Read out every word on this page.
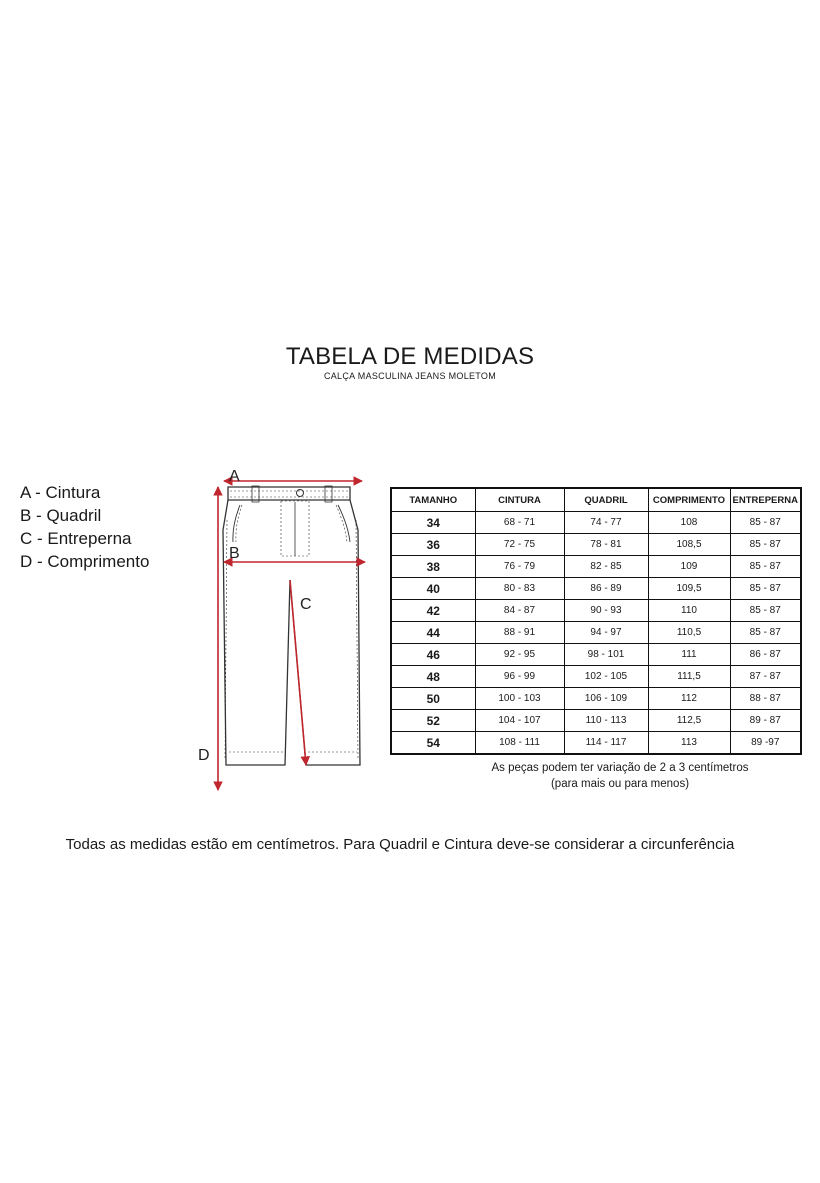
TABELA DE MEDIDAS
CALÇA MASCULINA JEANS MOLETOM
A - Cintura
B - Quadril
C - Entreperna
D - Comprimento
A
B
C
D
TAMANHO	CINTURA	QUADRIL	COMPRIMENTO	ENTREPERNA
34	68 - 71	74 - 77	108	85 - 87
36	72 - 75	78 - 81	108,5	85 - 87
38	76 - 79	82 - 85	109	85 - 87
40	80 - 83	86 - 89	109,5	85 - 87
42	84 - 87	90 - 93	110	85 - 87
44	88 - 91	94 - 97	110,5	85 - 87
46	92 - 95	98 - 101	111	86 - 87
48	96 - 99	102 - 105	111,5	87 - 87
50	100 - 103	106 - 109	112	88 - 87
52	104 - 107	110 - 113	112,5	89 - 87
54	108 - 111	114 - 117	113	89 -97
As peças podem ter variação de 2 a 3 centímetros
(para mais ou para menos)
Todas as medidas estão em centímetros. Para Quadril e Cintura deve-se considerar a circunferência
